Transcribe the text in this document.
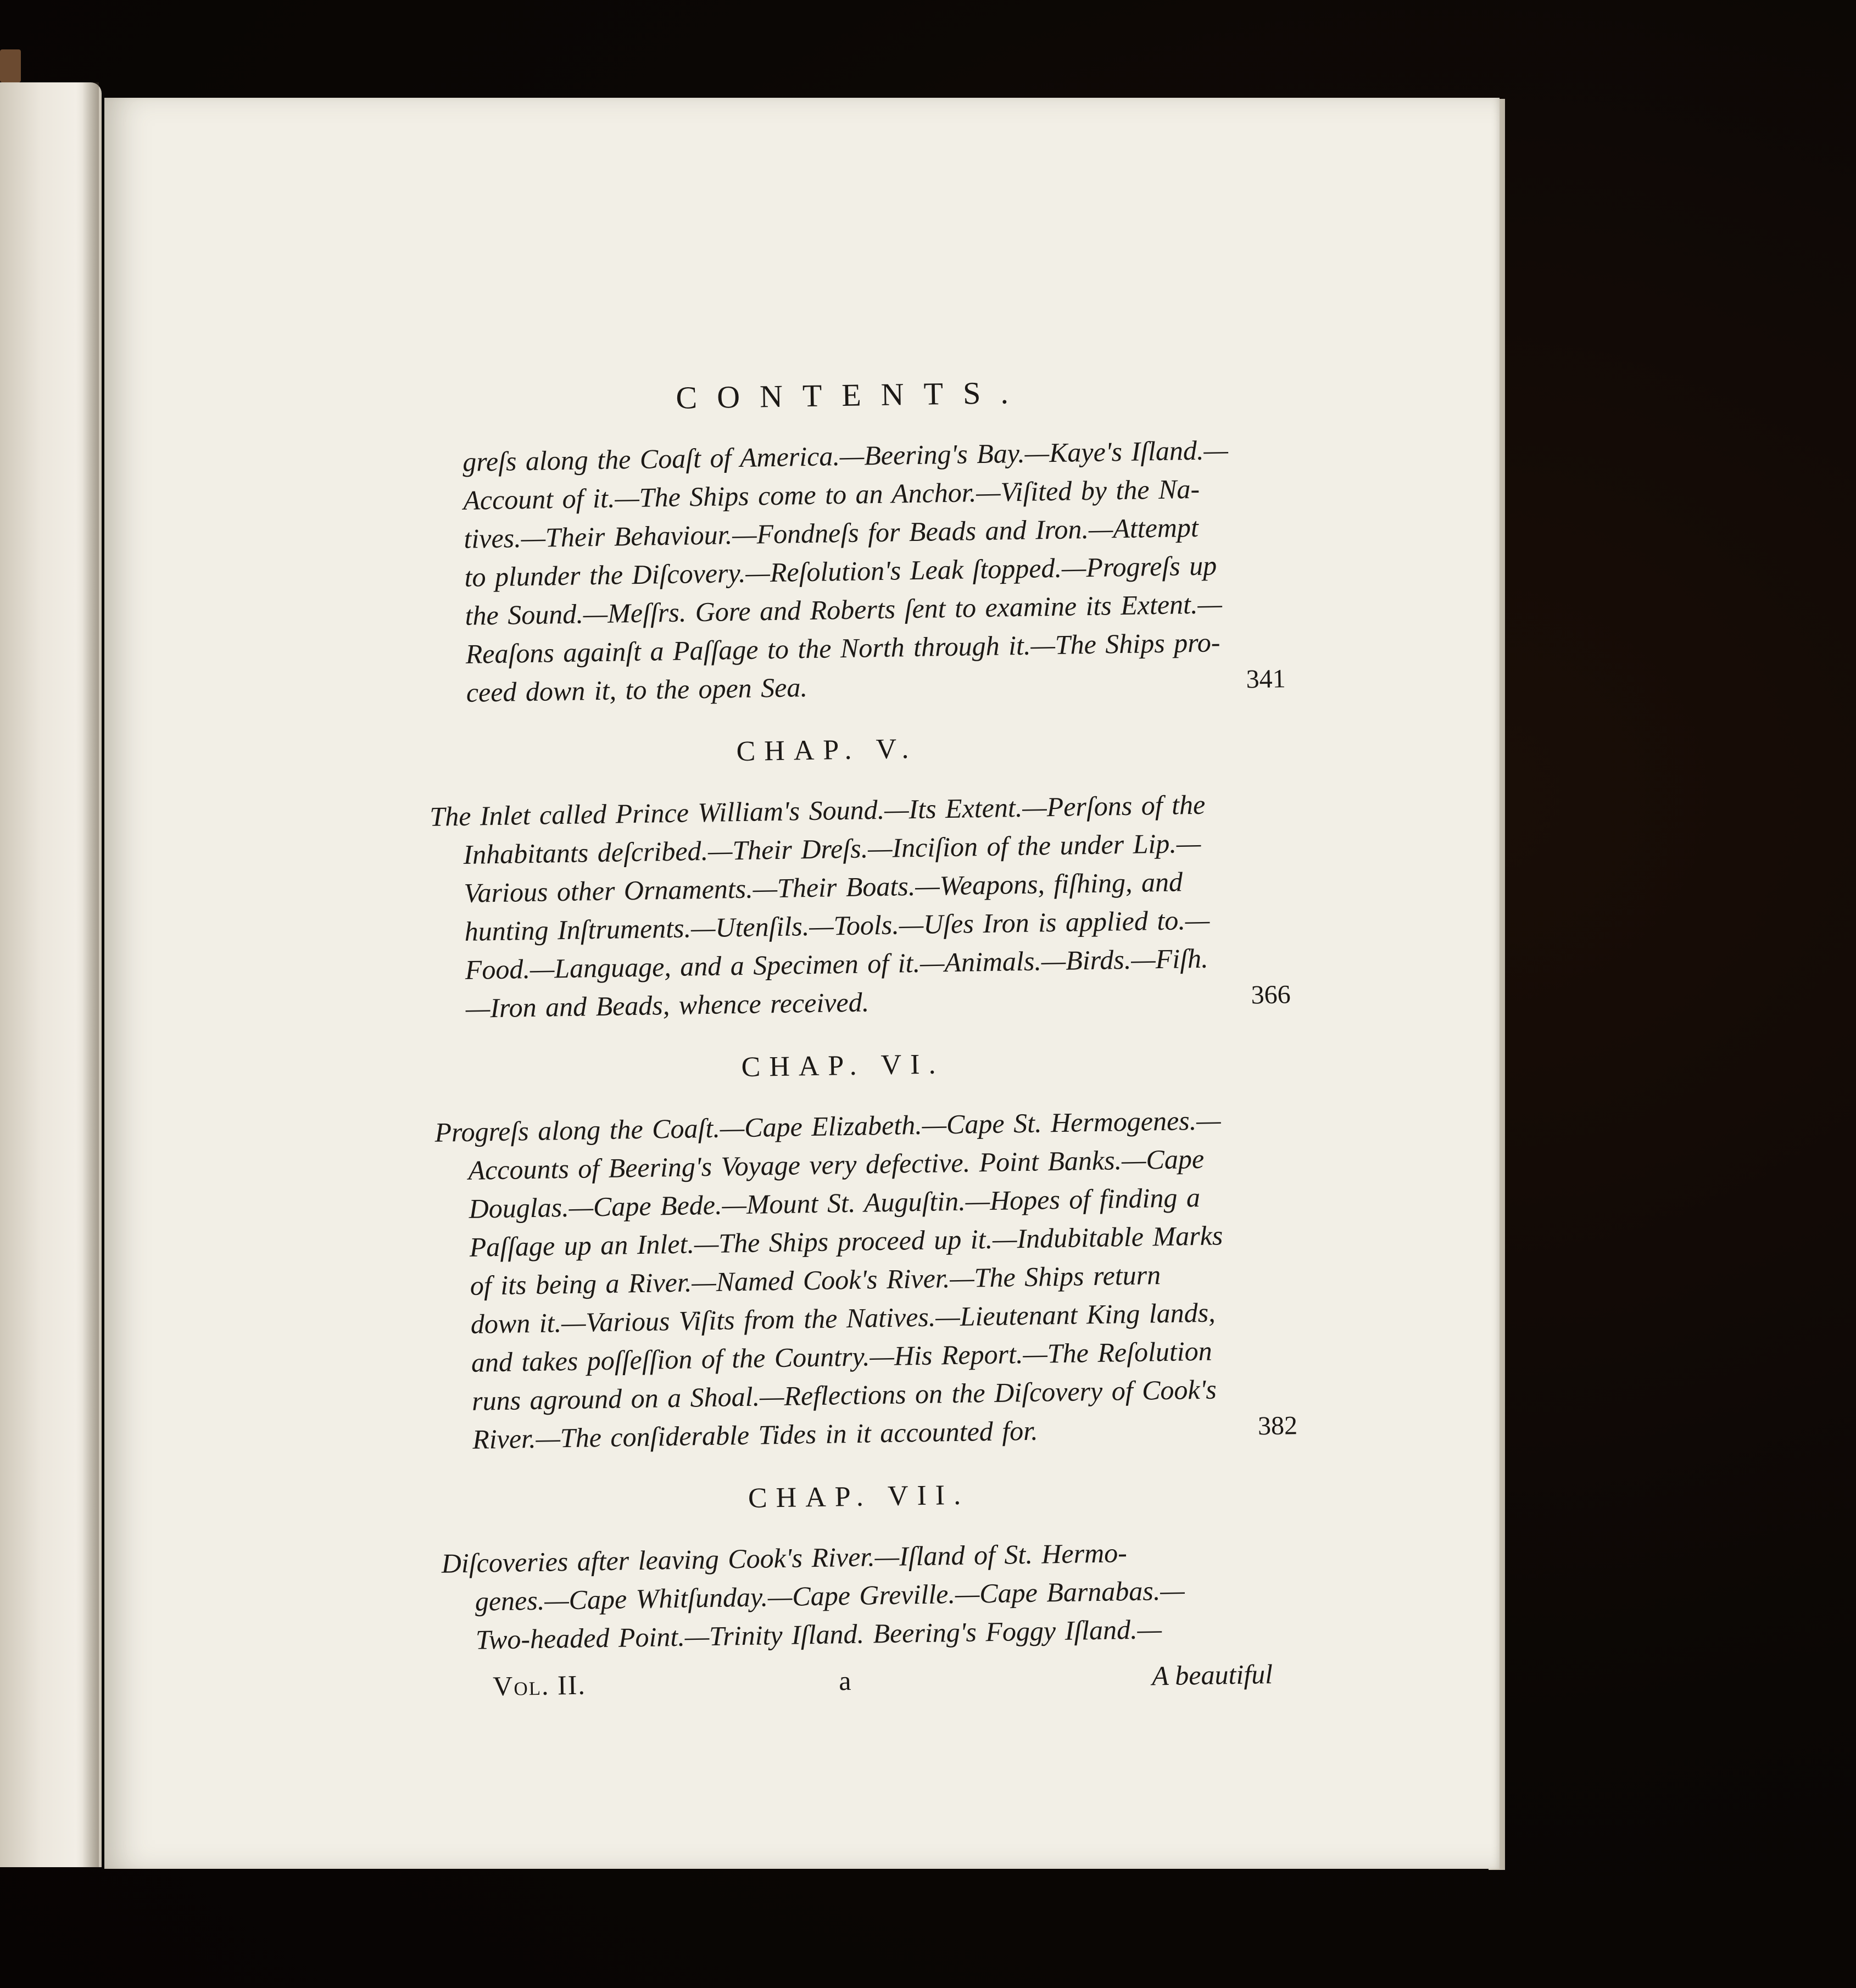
CONTENTS.
greſs along the Coaſt of America.—Beering's Bay.—Kaye's Iſland.—
Account of it.—The Ships come to an Anchor.—Viſited by the Na-
tives.—Their Behaviour.—Fondneſs for Beads and Iron.—Attempt
to plunder the Diſcovery.—Reſolution's Leak ſtopped.—Progreſs up
the Sound.—Meſſrs. Gore and Roberts ſent to examine its Extent.—
Reaſons againſt a Paſſage to the North through it.—The Ships pro-
ceed down it, to the open Sea.	341
CHAP. V.
The Inlet called Prince William's Sound.—Its Extent.—Perſons of the
Inhabitants deſcribed.—Their Dreſs.—Inciſion of the under Lip.—
Various other Ornaments.—Their Boats.—Weapons, fiſhing, and
hunting Inſtruments.—Utenſils.—Tools.—Uſes Iron is applied to.—
Food.—Language, and a Specimen of it.—Animals.—Birds.—Fiſh.
—Iron and Beads, whence received.	366
CHAP. VI.
Progreſs along the Coaſt.—Cape Elizabeth.—Cape St. Hermogenes.—
Accounts of Beering's Voyage very defective. Point Banks.—Cape
Douglas.—Cape Bede.—Mount St. Auguſtin.—Hopes of finding a
Paſſage up an Inlet.—The Ships proceed up it.—Indubitable Marks
of its being a River.—Named Cook's River.—The Ships return
down it.—Various Viſits from the Natives.—Lieutenant King lands,
and takes poſſeſſion of the Country.—His Report.—The Reſolution
runs aground on a Shoal.—Reflections on the Diſcovery of Cook's
River.—The conſiderable Tides in it accounted for.	382
CHAP. VII.
Diſcoveries after leaving Cook's River.—Iſland of St. Hermo-
genes.—Cape Whitſunday.—Cape Greville.—Cape Barnabas.—
Two-headed Point.—Trinity Iſland. Beering's Foggy Iſland.—
Vol. II.	a	A beautiful
